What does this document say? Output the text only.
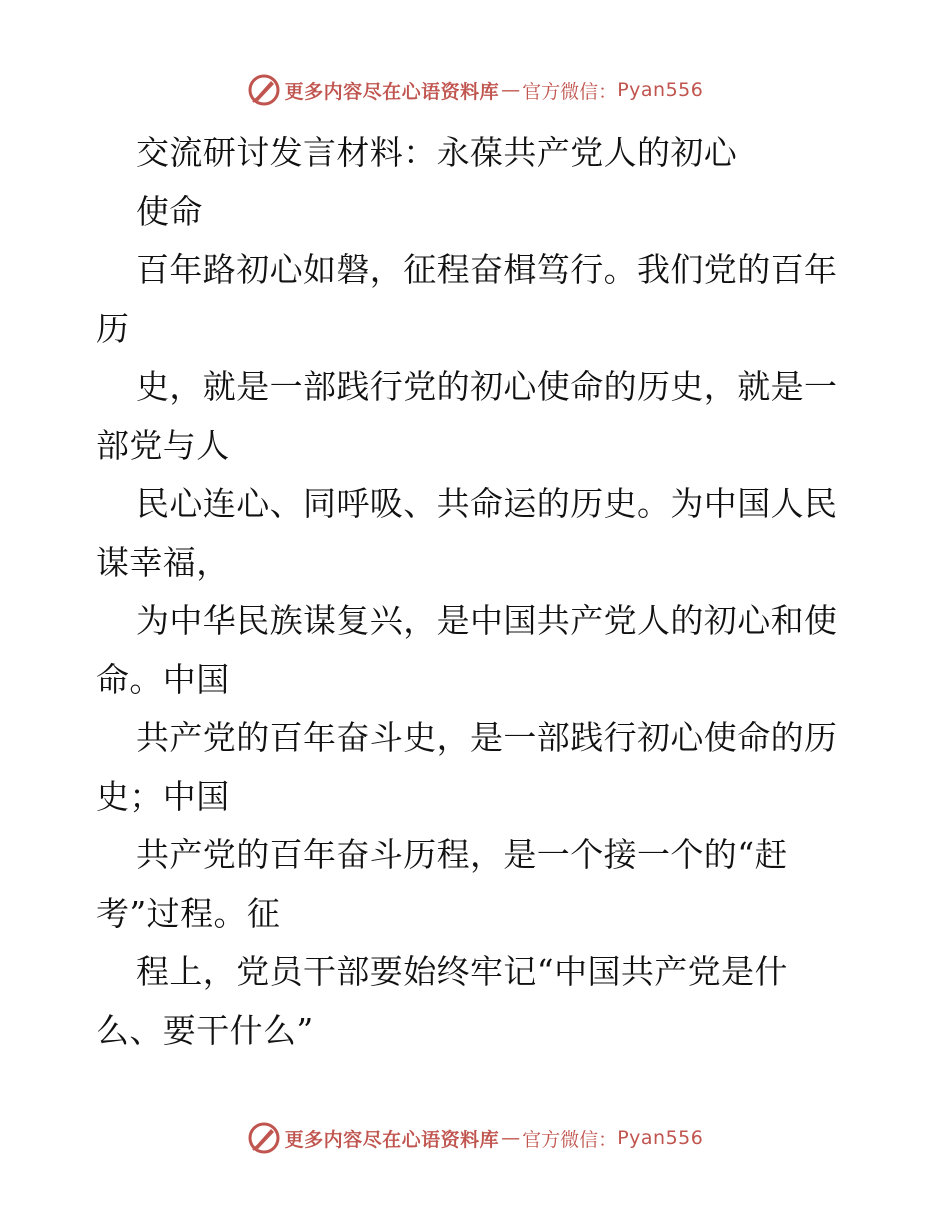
更多内容尽在心语资料库 — 官方微信： Pyan556
交流研讨发言材料：永葆共产党人的初心
使命
百年路初心如磐，征程奋楫笃行。我们党的百年
历
史，就是一部践行党的初心使命的历史，就是一
部党与人
民心连心、同呼吸、共命运的历史。为中国人民
谋幸福，
为中华民族谋复兴，是中国共产党人的初心和使
命。中国
共产党的百年奋斗史，是一部践行初心使命的历
史；中国
共产党的百年奋斗历程，是一个接一个的“赶
考”过程。征
程上，党员干部要始终牢记“中国共产党是什
么、要干什么”
更多内容尽在心语资料库 — 官方微信： Pyan556
